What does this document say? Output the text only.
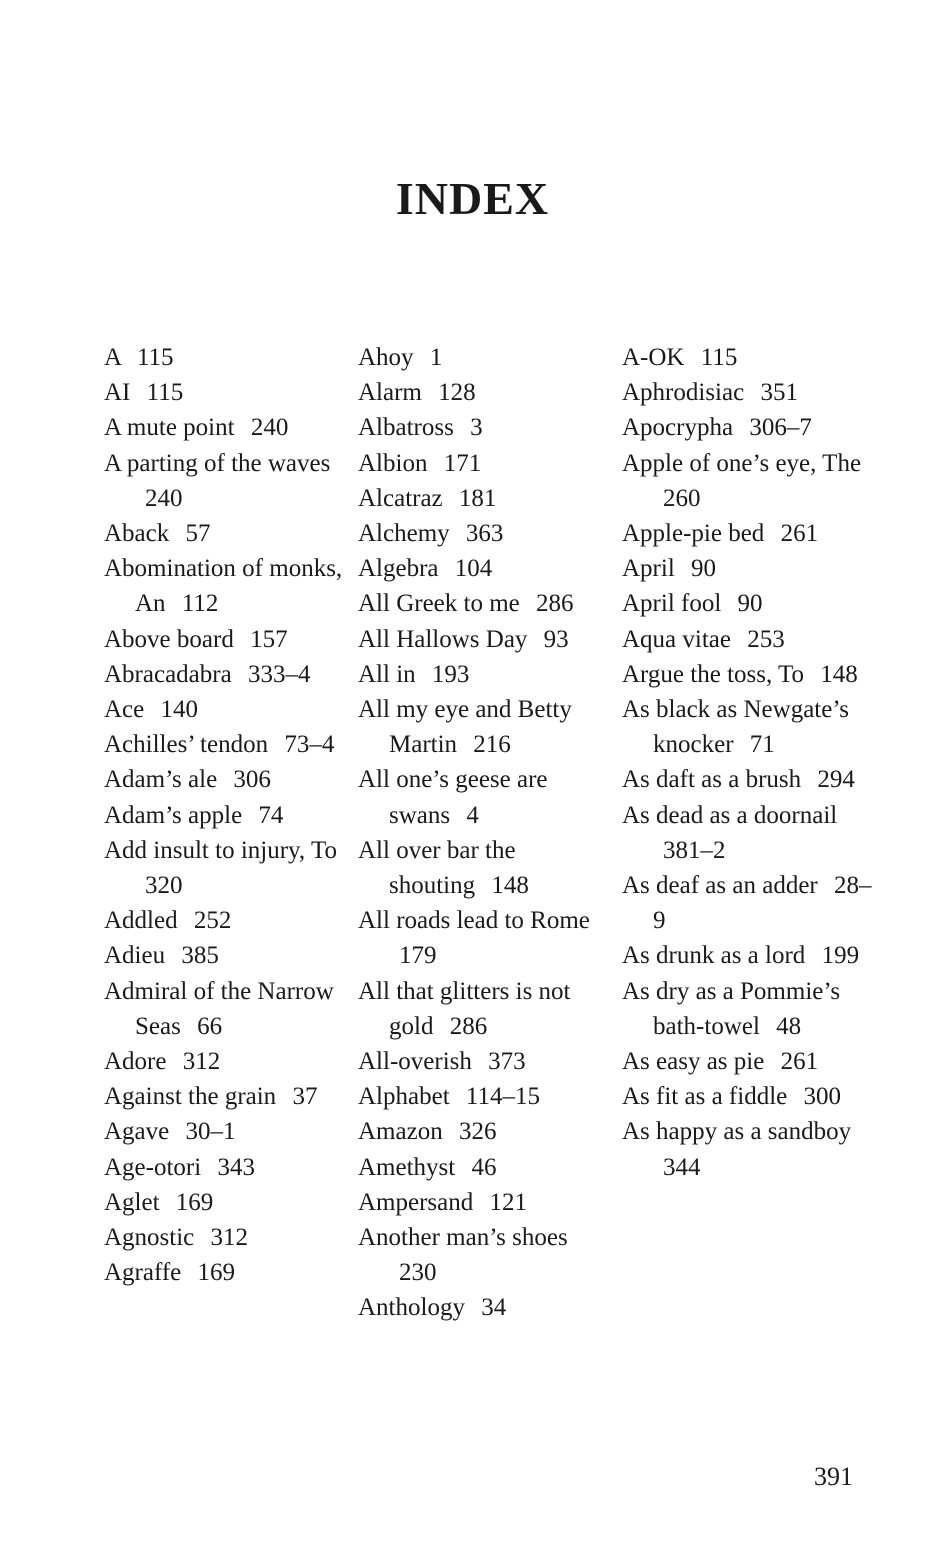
INDEX
A 115
AI 115
A mute point 240
A parting of the waves 240
Aback 57
Abomination of monks, An 112
Above board 157
Abracadabra 333–4
Ace 140
Achilles’ tendon 73–4
Adam’s ale 306
Adam’s apple 74
Add insult to injury, To 320
Addled 252
Adieu 385
Admiral of the Narrow Seas 66
Adore 312
Against the grain 37
Agave 30–1
Age-otori 343
Aglet 169
Agnostic 312
Agraffe 169
Ahoy 1
Alarm 128
Albatross 3
Albion 171
Alcatraz 181
Alchemy 363
Algebra 104
All Greek to me 286
All Hallows Day 93
All in 193
All my eye and Betty Martin 216
All one’s geese are swans 4
All over bar the shouting 148
All roads lead to Rome 179
All that glitters is not gold 286
All-overish 373
Alphabet 114–15
Amazon 326
Amethyst 46
Ampersand 121
Another man’s shoes 230
Anthology 34
A-OK 115
Aphrodisiac 351
Apocrypha 306–7
Apple of one’s eye, The 260
Apple-pie bed 261
April 90
April fool 90
Aqua vitae 253
Argue the toss, To 148
As black as Newgate’s knocker 71
As daft as a brush 294
As dead as a doornail 381–2
As deaf as an adder 28–9
As drunk as a lord 199
As dry as a Pommie’s bath-towel 48
As easy as pie 261
As fit as a fiddle 300
As happy as a sandboy 344
391
